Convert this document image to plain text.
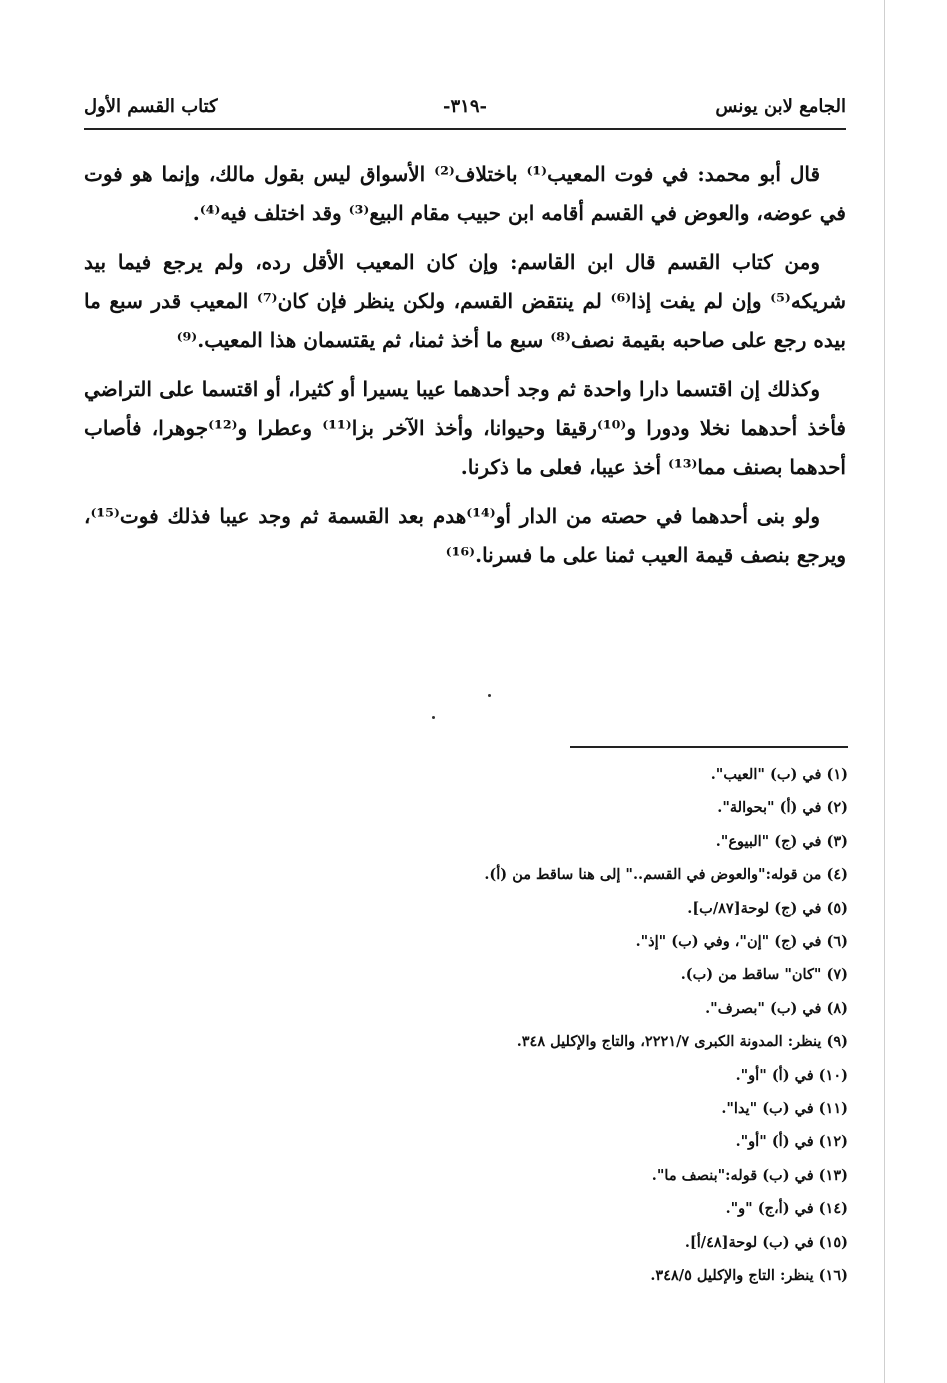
الجامع لابن يونس
-٣١٩-
كتاب القسم الأول

قال أبو محمد: في فوت المعيب⁽¹⁾ باختلاف⁽²⁾ الأسواق ليس بقول مالك، وإنما هو فوت في عوضه، والعوض في القسم أقامه ابن حبيب مقام البيع⁽³⁾ وقد اختلف فيه⁽⁴⁾.

ومن كتاب القسم قال ابن القاسم: وإن كان المعيب الأقل رده، ولم يرجع فيما بيد شريكه⁽⁵⁾ وإن لم يفت إذا⁽⁶⁾ لم ينتقض القسم، ولكن ينظر فإن كان⁽⁷⁾ المعيب قدر سبع ما بيده رجع على صاحبه بقيمة نصف⁽⁸⁾ سبع ما أخذ ثمنا، ثم يقتسمان هذا المعيب.⁽⁹⁾

وكذلك إن اقتسما دارا واحدة ثم وجد أحدهما عيبا يسيرا أو كثيرا، أو اقتسما على التراضي فأخذ أحدهما نخلا ودورا و⁽¹⁰⁾رقيقا وحيوانا، وأخذ الآخر بزا⁽¹¹⁾ وعطرا و⁽¹²⁾جوهرا، فأصاب أحدهما بصنف مما⁽¹³⁾ أخذ عيبا، فعلى ما ذكرنا.

ولو بنى أحدهما في حصته من الدار أو⁽¹⁴⁾هدم بعد القسمة ثم وجد عيبا فذلك فوت⁽¹⁵⁾، ويرجع بنصف قيمة العيب ثمنا على ما فسرنا.⁽¹⁶⁾

(١) في (ب) "العيب".
(٢) في (أ) "بحوالة".
(٣) في (ج) "البيوع".
(٤) من قوله:"والعوض في القسم.." إلى هنا ساقط من (أ).
(٥) في (ج) لوحة[٨٧/ب].
(٦) في (ج) "إن"، وفي (ب) "إذ".
(٧) "كان" ساقط من (ب).
(٨) في (ب) "بصرف".
(٩) ينظر: المدونة الكبرى ٢٢٢١/٧، والتاج والإكليل ٣٤٨.
(١٠) في (أ) "أو".
(١١) في (ب) "يدا".
(١٢) في (أ) "أو".
(١٣) في (ب) قوله:"بنصف ما".
(١٤) في (أ،ج) "و".
(١٥) في (ب) لوحة[٤٨/أ].
(١٦) ينظر: التاج والإكليل ٣٤٨/٥.
